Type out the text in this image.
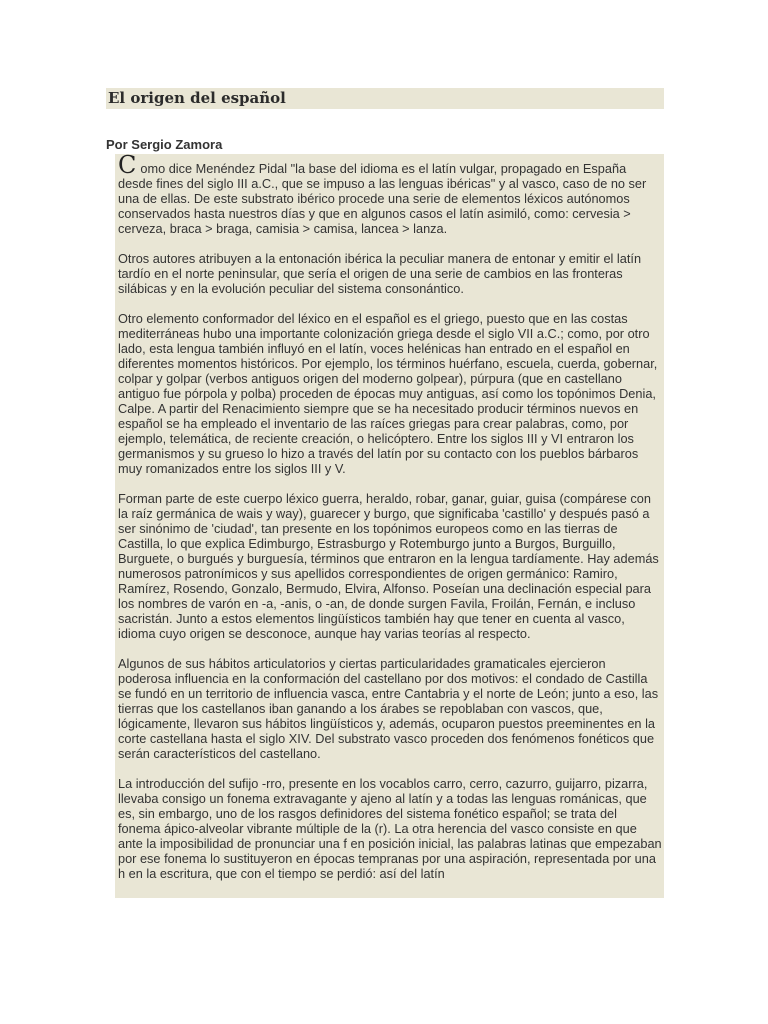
El origen del español
Por Sergio Zamora

Como dice Menéndez Pidal "la base del idioma es el latín vulgar, propagado en España desde fines del siglo III a.C., que se impuso a las lenguas ibéricas" y al vasco, caso de no ser una de ellas. De este substrato ibérico procede una serie de elementos léxicos autónomos conservados hasta nuestros días y que en algunos casos el latín asimiló, como: cervesia > cerveza, braca > braga, camisia > camisa, lancea > lanza.

Otros autores atribuyen a la entonación ibérica la peculiar manera de entonar y emitir el latín tardío en el norte peninsular, que sería el origen de una serie de cambios en las fronteras silábicas y en la evolución peculiar del sistema consonántico.

Otro elemento conformador del léxico en el español es el griego, puesto que en las costas mediterráneas hubo una importante colonización griega desde el siglo VII a.C.; como, por otro lado, esta lengua también influyó en el latín, voces helénicas han entrado en el español en diferentes momentos históricos. Por ejemplo, los términos huérfano, escuela, cuerda, gobernar, colpar y golpar (verbos antiguos origen del moderno golpear), púrpura (que en castellano antiguo fue pórpola y polba) proceden de épocas muy antiguas, así como los topónimos Denia, Calpe. A partir del Renacimiento siempre que se ha necesitado producir términos nuevos en español se ha empleado el inventario de las raíces griegas para crear palabras, como, por ejemplo, telemática, de reciente creación, o helicóptero. Entre los siglos III y VI entraron los germanismos y su grueso lo hizo a través del latín por su contacto con los pueblos bárbaros muy romanizados entre los siglos III y V.

Forman parte de este cuerpo léxico guerra, heraldo, robar, ganar, guiar, guisa (compárese con la raíz germánica de wais y way), guarecer y burgo, que significaba 'castillo' y después pasó a ser sinónimo de 'ciudad', tan presente en los topónimos europeos como en las tierras de Castilla, lo que explica Edimburgo, Estrasburgo y Rotemburgo junto a Burgos, Burguillo, Burguete, o burgués y burguesía, términos que entraron en la lengua tardíamente. Hay además numerosos patronímicos y sus apellidos correspondientes de origen germánico: Ramiro, Ramírez, Rosendo, Gonzalo, Bermudo, Elvira, Alfonso. Poseían una declinación especial para los nombres de varón en -a, -anis, o -an, de donde surgen Favila, Froilán, Fernán, e incluso sacristán. Junto a estos elementos lingüísticos también hay que tener en cuenta al vasco, idioma cuyo origen se desconoce, aunque hay varias teorías al respecto.

Algunos de sus hábitos articulatorios y ciertas particularidades gramaticales ejercieron poderosa influencia en la conformación del castellano por dos motivos: el condado de Castilla se fundó en un territorio de influencia vasca, entre Cantabria y el norte de León; junto a eso, las tierras que los castellanos iban ganando a los árabes se repoblaban con vascos, que, lógicamente, llevaron sus hábitos lingüísticos y, además, ocuparon puestos preeminentes en la corte castellana hasta el siglo XIV. Del substrato vasco proceden dos fenómenos fonéticos que serán característicos del castellano.

La introducción del sufijo -rro, presente en los vocablos carro, cerro, cazurro, guijarro, pizarra, llevaba consigo un fonema extravagante y ajeno al latín y a todas las lenguas románicas, que es, sin embargo, uno de los rasgos definidores del sistema fonético español; se trata del fonema ápico-alveolar vibrante múltiple de la (r). La otra herencia del vasco consiste en que ante la imposibilidad de pronunciar una f en posición inicial, las palabras latinas que empezaban por ese fonema lo sustituyeron en épocas tempranas por una aspiración, representada por una h en la escritura, que con el tiempo se perdió: así del latín
